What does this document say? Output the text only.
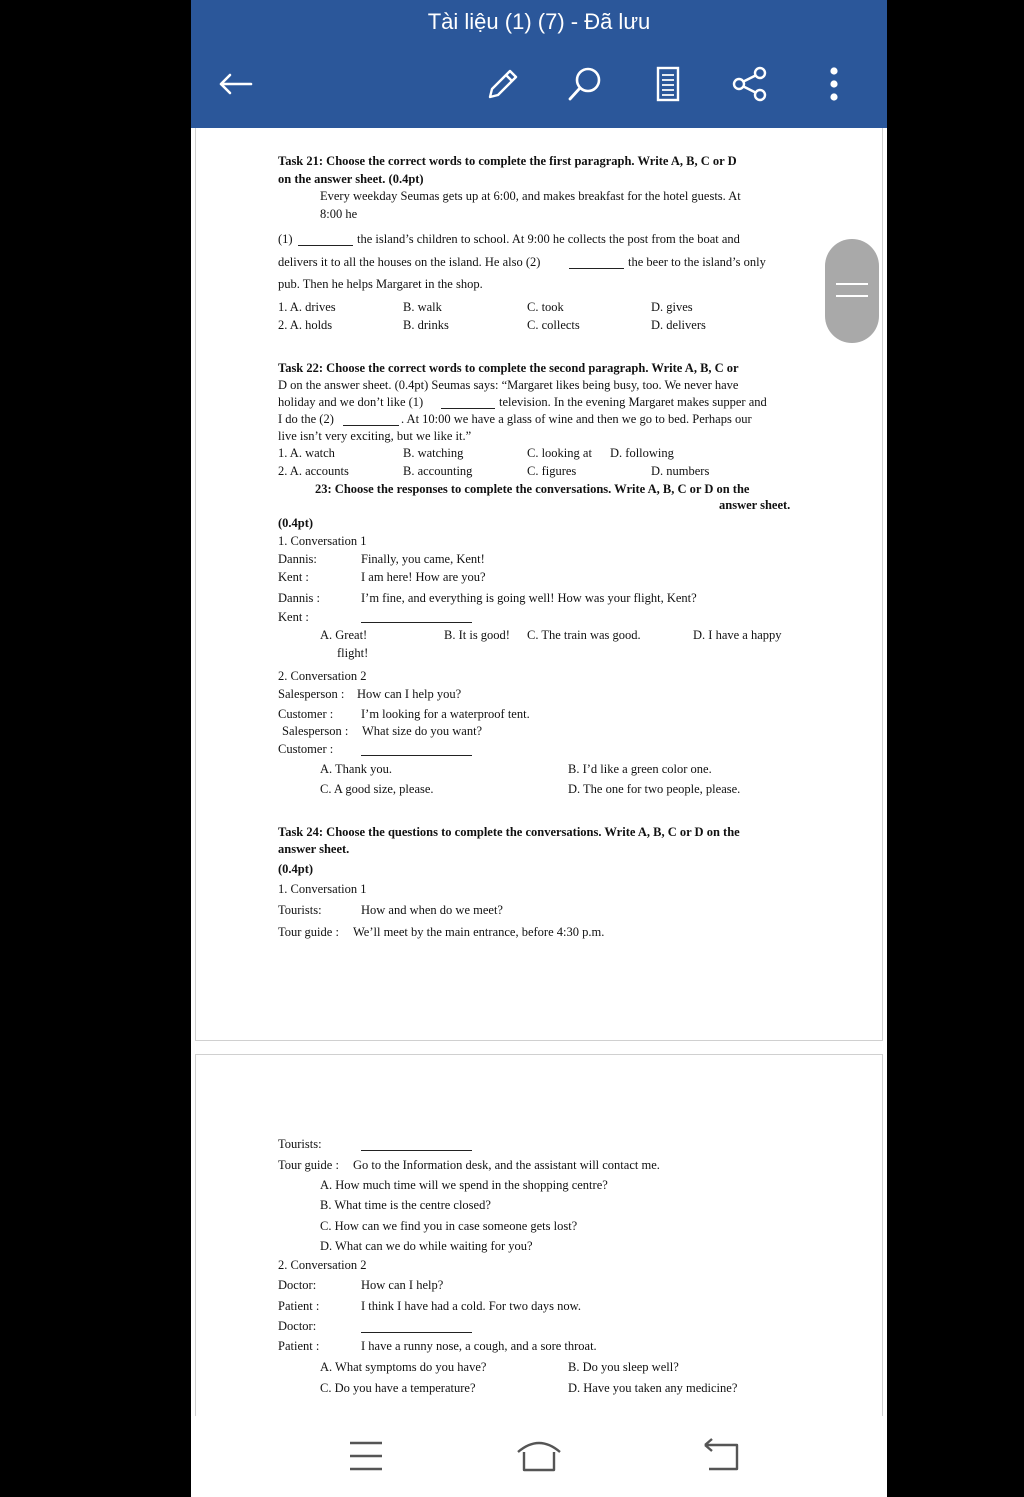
Tài liệu (1) (7) - Đã lưu
Task 21: Choose the correct words to complete the first paragraph. Write A, B, C or D
on the answer sheet. (0.4pt)
Every weekday Seumas gets up at 6:00, and makes breakfast for the hotel guests. At
8:00 he
(1)	the island’s children to school. At 9:00 he collects the post from the boat and
delivers it to all the houses on the island. He also (2)	the beer to the island’s only
pub. Then he helps Margaret in the shop.
1. A. drives	B. walk	C. took	D. gives
2. A. holds	B. drinks	C. collects	D. delivers
Task 22: Choose the correct words to complete the second paragraph. Write A, B, C or
D on the answer sheet. (0.4pt) Seumas says: “Margaret likes being busy, too. We never have
holiday and we don’t like (1)	television. In the evening Margaret makes supper and
I do the (2)	. At 10:00 we have a glass of wine and then we go to bed. Perhaps our
live isn’t very exciting, but we like it.”
1. A. watch	B. watching	C. looking at D. following
2. A. accounts	B. accounting	C. figures	D. numbers
23: Choose the responses to complete the conversations. Write A, B, C or D on the
answer sheet.
(0.4pt)
1. Conversation 1
Dannis:	Finally, you came, Kent!
Kent :	I am here! How are you?
Dannis :	I’m fine, and everything is going well! How was your flight, Kent?
Kent :
A. Great!	B. It is good! C. The train was good.	D. I have a happy
flight!
2. Conversation 2
Salesperson : How can I help you?
Customer : I’m looking for a waterproof tent.
Salesperson : What size do you want?
Customer :
A. Thank you.	B. I’d like a green color one.
C. A good size, please.	D. The one for two people, please.
Task 24: Choose the questions to complete the conversations. Write A, B, C or D on the
answer sheet.
(0.4pt)
1. Conversation 1
Tourists:	How and when do we meet?
Tour guide : We’ll meet by the main entrance, before 4:30 p.m.
Tourists:
Tour guide : Go to the Information desk, and the assistant will contact me.
A. How much time will we spend in the shopping centre?
B. What time is the centre closed?
C. How can we find you in case someone gets lost?
D. What can we do while waiting for you?
2. Conversation 2
Doctor:	How can I help?
Patient :	I think I have had a cold. For two days now.
Doctor:
Patient :	I have a runny nose, a cough, and a sore throat.
A. What symptoms do you have?	B. Do you sleep well?
C. Do you have a temperature?	D. Have you taken any medicine?
